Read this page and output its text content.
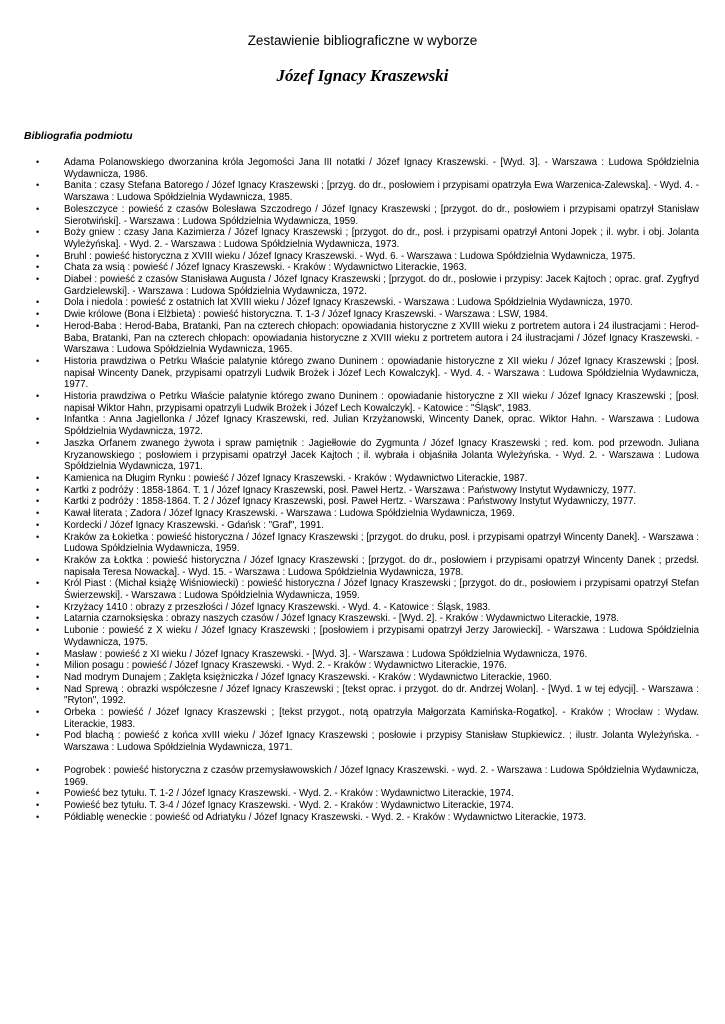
Zestawienie bibliograficzne w wyborze
Józef Ignacy Kraszewski
Bibliografia podmiotu
•	Adama Polanowskiego dworzanina króla Jegomości Jana III notatki / Józef Ignacy Kraszewski. - [Wyd. 3]. - Warszawa : Ludowa Spółdzielnia Wydawnicza, 1986.
•	Banita : czasy Stefana Batorego / Józef Ignacy Kraszewski ; [przyg. do dr., posłowiem i przypisami opatrzyła Ewa Warzenica-Zalewska]. - Wyd. 4. - Warszawa : Ludowa Spółdzielnia Wydawnicza, 1985.
•	Boleszczyce : powieść z czasów Bolesława Szczodrego / Józef Ignacy Kraszewski ; [przygot. do dr., posłowiem i przypisami opatrzył Stanisław Sierotwiński]. - Warszawa : Ludowa Spółdzielnia Wydawnicza, 1959.
•	Boży gniew : czasy Jana Kazimierza / Józef Ignacy Kraszewski ; [przygot. do dr., posł. i przypisami opatrzył Antoni Jopek ; il. wybr. i obj. Jolanta Wyleżyńska]. - Wyd. 2. - Warszawa : Ludowa Spółdzielnia Wydawnicza, 1973.
•	Bruhl : powieść historyczna z XVIII wieku / Józef Ignacy Kraszewski. - Wyd. 6. - Warszawa : Ludowa Spółdzielnia Wydawnicza, 1975.
•	Chata za wsią : powieść / Józef Ignacy Kraszewski. - Kraków : Wydawnictwo Literackie, 1963.
•	Diabeł : powieść z czasów Stanisława Augusta / Józef Ignacy Kraszewski ; [przygot. do dr., posłowie i przypisy: Jacek Kajtoch ; oprac. graf. Zygfryd Gardzielewski]. - Warszawa : Ludowa Spółdzielnia Wydawnicza, 1972.
•	Dola i niedola : powieść z ostatnich lat XVIII wieku / Józef Ignacy Kraszewski. - Warszawa : Ludowa Spółdzielnia Wydawnicza, 1970.
•	Dwie królowe (Bona i Elżbieta) : powieść historyczna. T. 1-3 / Józef Ignacy Kraszewski. - Warszawa : LSW, 1984.
•	Herod-Baba : Herod-Baba, Bratanki, Pan na czterech chłopach: opowiadania historyczne z XVIII wieku z portretem autora i 24 ilustracjami : Herod-Baba, Bratanki, Pan na czterech chłopach: opowiadania historyczne z XVIII wieku z portretem autora i 24 ilustracjami / Józef Ignacy Kraszewski. - Warszawa : Ludowa Spółdzielnia Wydawnicza, 1965.
•	Historia prawdziwa o Petrku Właście palatynie którego zwano Duninem : opowiadanie historyczne z XII wieku / Józef Ignacy Kraszewski ; [posł. napisał Wincenty Danek, przypisami opatrzyli Ludwik Brożek i Józef Lech Kowalczyk]. - Wyd. 4. - Warszawa : Ludowa Spółdzielnia Wydawnicza, 1977.
•	Historia prawdziwa o Petrku Właście palatynie którego zwano Duninem : opowiadanie historyczne z XII wieku / Józef Ignacy Kraszewski ; [posł. napisał Wiktor Hahn, przypisami opatrzyli Ludwik Brożek i Józef Lech Kowalczyk]. - Katowice : "Śląsk", 1983.
•	Infantka : Anna Jagiellonka / Józef Ignacy Kraszewski, red. Julian Krzyżanowski, Wincenty Danek, oprac. Wiktor Hahn. - Warszawa : Ludowa Spółdzielnia Wydawnicza, 1972.
•	Jaszka Orfanem zwanego żywota i spraw pamiętnik : Jagiełłowie do Zygmunta / Józef Ignacy Kraszewski ; red. kom. pod przewodn. Juliana Kryzanowskiego ; posłowiem i przypisami opatrzył Jacek Kajtoch ; il. wybrała i objaśniła Jolanta Wyleżyńska. - Wyd. 2. - Warszawa : Ludowa Spółdzielnia Wydawnicza, 1971.
•	Kamienica na Długim Rynku : powieść / Józef Ignacy Kraszewski. - Kraków : Wydawnictwo Literackie, 1987.
•	Kartki z podróży : 1858-1864. T. 1 / Józef Ignacy Kraszewski, posł. Paweł Hertz. - Warszawa : Państwowy Instytut Wydawniczy, 1977.
•	Kartki z podróży : 1858-1864. T. 2 / Józef Ignacy Kraszewski, posł. Paweł Hertz. - Warszawa : Państwowy Instytut Wydawniczy, 1977.
•	Kawał literata ; Zadora / Józef Ignacy Kraszewski. - Warszawa : Ludowa Spółdzielnia Wydawnicza, 1969.
•	Kordecki / Józef Ignacy Kraszewski. - Gdańsk : "Graf", 1991.
•	Kraków za Łokietka : powieść historyczna / Józef Ignacy Kraszewski ; [przygot. do druku, posł. i przypisami opatrzył Wincenty Danek]. - Warszawa : Ludowa Spółdzielnia Wydawnicza, 1959.
•	Kraków za Łoktka : powieść historyczna / Józef Ignacy Kraszewski ; [przygot. do dr., posłowiem i przypisami opatrzył Wincenty Danek ; przedsł. napisała Teresa Nowacka]. - Wyd. 15. - Warszawa : Ludowa Spółdzielnia Wydawnicza, 1978.
•	Król Piast : (Michał książę Wiśniowiecki) : powieść historyczna / Józef Ignacy Kraszewski ; [przygot. do dr., posłowiem i przypisami opatrzył Stefan Świerzewski]. - Warszawa : Ludowa Spółdzielnia Wydawnicza, 1959.
•	Krzyżacy 1410 : obrazy z przeszłości / Józef Ignacy Kraszewski. - Wyd. 4. - Katowice : Śląsk, 1983.
•	Latarnia czarnoksięska : obrazy naszych czasów / Józef Ignacy Kraszewski. - [Wyd. 2]. - Kraków : Wydawnictwo Literackie, 1978.
•	Lubonie : powieść z X wieku / Józef Ignacy Kraszewski ; [posłowiem i przypisami opatrzył Jerzy Jarowiecki]. - Warszawa : Ludowa Spółdzielnia Wydawnicza, 1975.
•	Masław : powieść z XI wieku / Józef Ignacy Kraszewski. - [Wyd. 3]. - Warszawa : Ludowa Spółdzielnia Wydawnicza, 1976.
•	Milion posagu : powieść / Józef Ignacy Kraszewski. - Wyd. 2. - Kraków : Wydawnictwo Literackie, 1976.
•	Nad modrym Dunajem ; Zaklęta księżniczka / Józef Ignacy Kraszewski. - Kraków : Wydawnictwo Literackie, 1960.
•	Nad Sprewą : obrazki współczesne / Józef Ignacy Kraszewski ; [tekst oprac. i przygot. do dr. Andrzej Wolan]. - [Wyd. 1 w tej edycji]. - Warszawa : "Ryton", 1992.
•	Orbeka : powieść / Józef Ignacy Kraszewski ; [tekst przygot., notą opatrzyła Małgorzata Kamińska-Rogatko]. - Kraków ; Wrocław : Wydaw. Literackie, 1983.
•	Pod blachą : powieść z końca xvIII wieku / Józef Ignacy Kraszewski ; posłowie i przypisy Stanisław Stupkiewicz. ; ilustr. Jolanta Wyleżyńska. - Warszawa : Ludowa Spółdzielnia Wydawnicza, 1971.
•	Pogrobek : powieść historyczna z czasów przemysławowskich / Józef Ignacy Kraszewski. - wyd. 2. - Warszawa : Ludowa Spółdzielnia Wydawnicza, 1969.
•	Powieść bez tytułu. T. 1-2 / Józef Ignacy Kraszewski. - Wyd. 2. - Kraków : Wydawnictwo Literackie, 1974.
•	Powieść bez tytułu. T. 3-4 / Józef Ignacy Kraszewski. - Wyd. 2. - Kraków : Wydawnictwo Literackie, 1974.
•	Półdiablę weneckie : powieść od Adriatyku / Józef Ignacy Kraszewski. - Wyd. 2. - Kraków : Wydawnictwo Literackie, 1973.
